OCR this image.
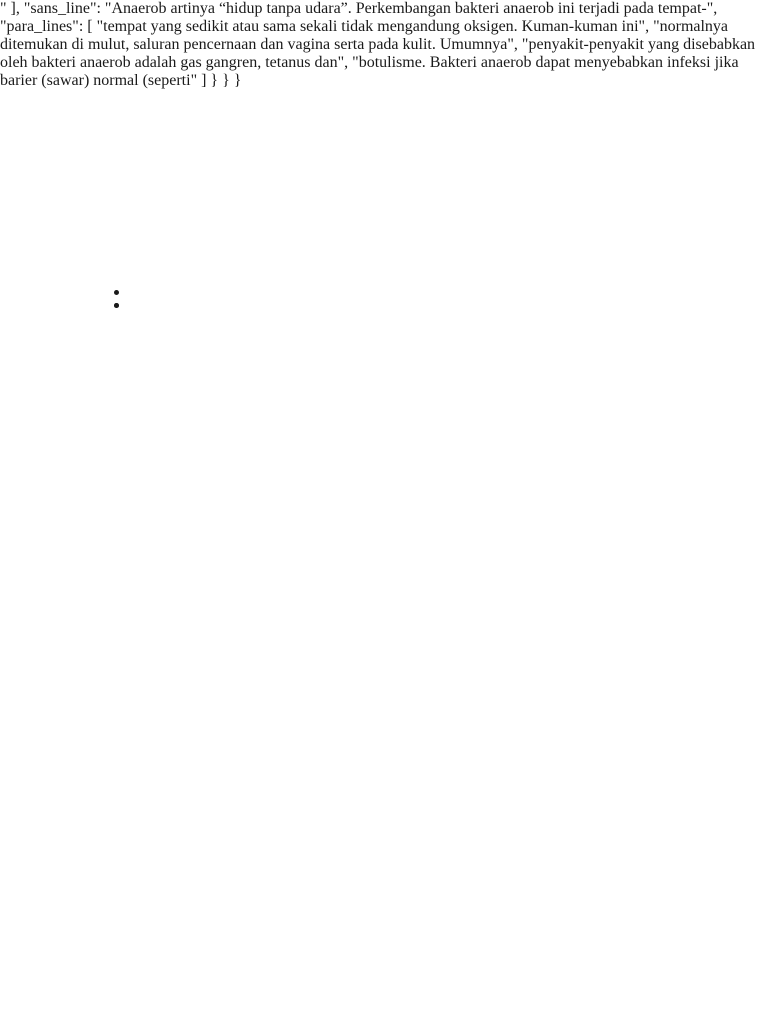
" ], "sans_line": "Anaerob artinya “hidup tanpa udara”. Perkembangan bakteri anaerob ini terjadi pada tempat-", "para_lines": [ "tempat yang sedikit atau sama sekali tidak mengandung oksigen. Kuman-kuman ini", "normalnya ditemukan di mulut, saluran pencernaan dan vagina serta pada kulit. Umumnya", "penyakit-penyakit yang disebabkan oleh bakteri anaerob adalah gas gangren, tetanus dan", "botulisme. Bakteri anaerob dapat menyebabkan infeksi jika barier (sawar) normal (seperti" ] } } }
